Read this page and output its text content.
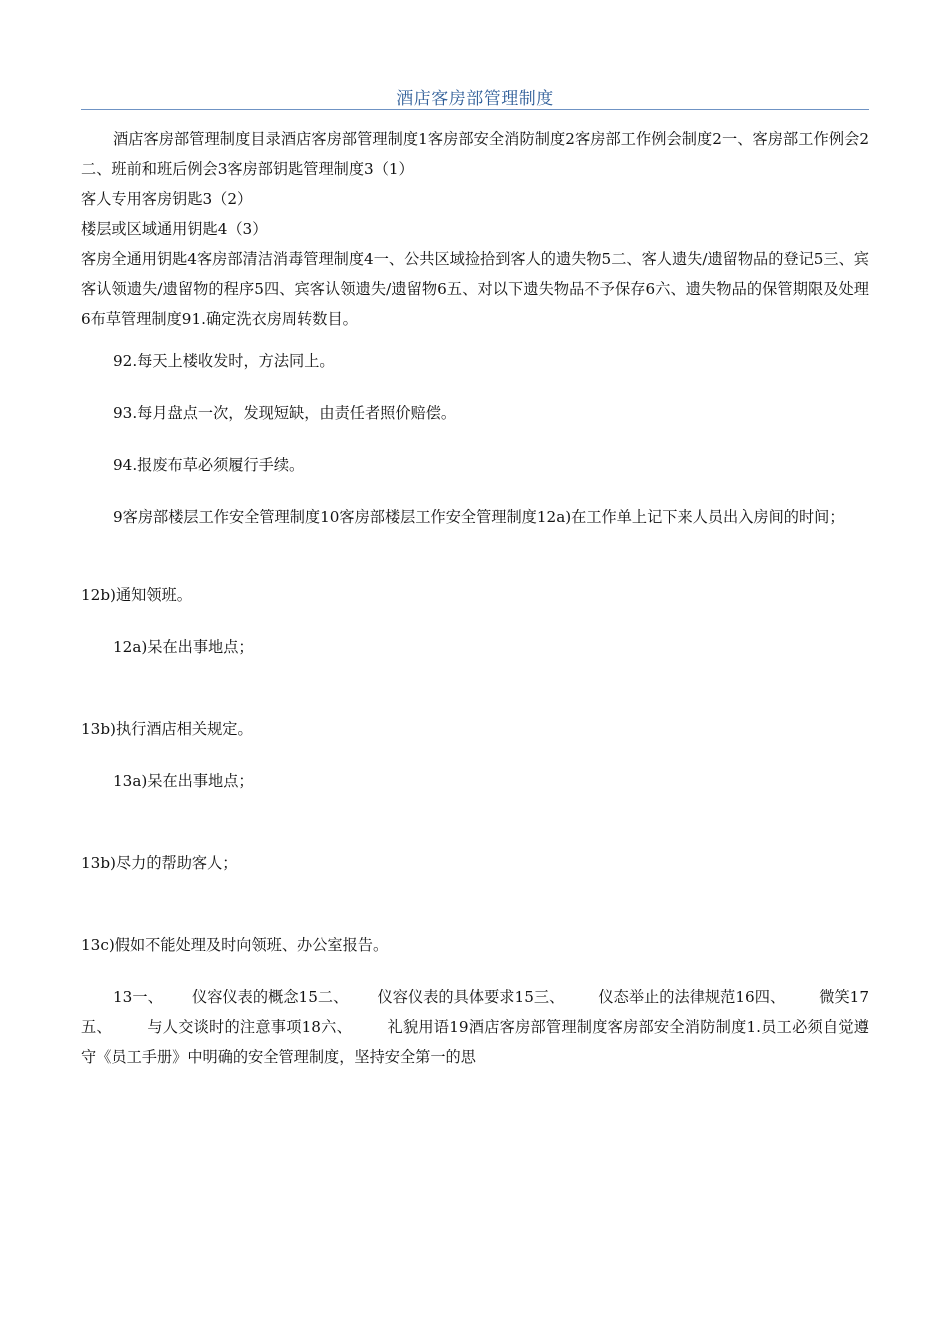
酒店客房部管理制度

酒店客房部管理制度目录酒店客房部管理制度1客房部安全消防制度2客房部工作例会制度2一、客房部工作例会2二、班前和班后例会3客房部钥匙管理制度3（1）

客人专用客房钥匙3（2）

楼层或区域通用钥匙4（3）

客房全通用钥匙4客房部清洁消毒管理制度4一、公共区域捡拾到客人的遗失物5二、客人遗失/遗留物品的登记5三、宾客认领遗失/遗留物的程序5四、宾客认领遗失/遗留物6五、对以下遗失物品不予保存6六、遗失物品的保管期限及处理6布草管理制度91.确定洗衣房周转数目。

92.每天上楼收发时，方法同上。

93.每月盘点一次，发现短缺，由责任者照价赔偿。

94.报废布草必须履行手续。

9客房部楼层工作安全管理制度10客房部楼层工作安全管理制度12a)在工作单上记下来人员出入房间的时间；

12b)通知领班。

12a)呆在出事地点；

13b)执行酒店相关规定。

13a)呆在出事地点；

13b)尽力的帮助客人；

13c)假如不能处理及时向领班、办公室报告。

13一、      仪容仪表的概念15二、      仪容仪表的具体要求15三、       仪态举止的法律规范16四、       微笑17五、       与人交谈时的注意事项18六、       礼貌用语19酒店客房部管理制度客房部安全消防制度1.员工必须自觉遵守《员工手册》中明确的安全管理制度，坚持安全第一的思
